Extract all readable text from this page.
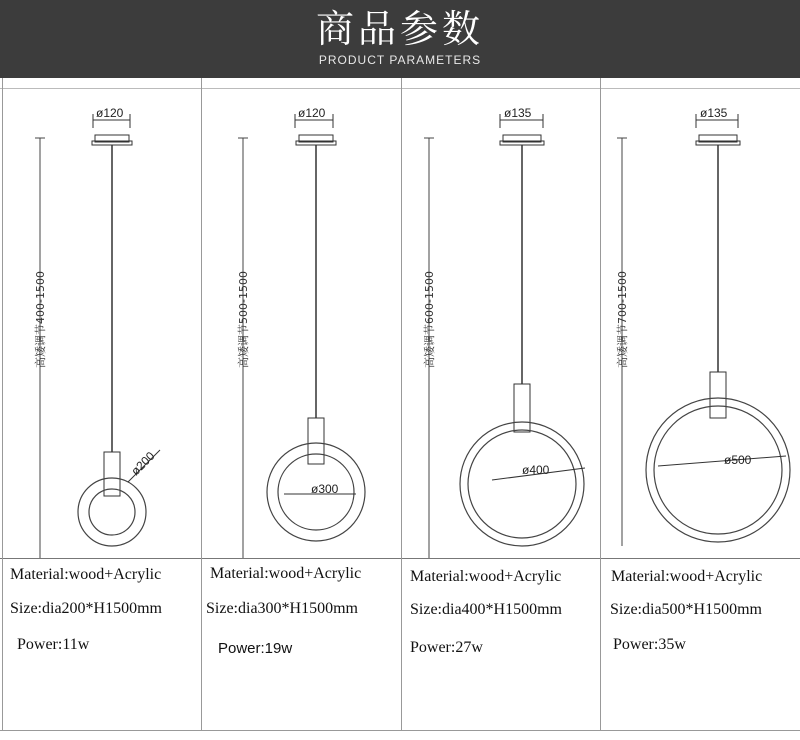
商品参数
PRODUCT PARAMETERS
ø120
高矮调节400-1500
ø200
Material:wood+Acrylic
Size:dia200*H1500mm
Power:11w
ø120
高矮调节500-1500
ø300
Material:wood+Acrylic
Size:dia300*H1500mm
Power:19w
ø135
高矮调节600-1500
ø400
Material:wood+Acrylic
Size:dia400*H1500mm
Power:27w
ø135
高矮调节700-1500
ø500
Material:wood+Acrylic
Size:dia500*H1500mm
Power:35w
